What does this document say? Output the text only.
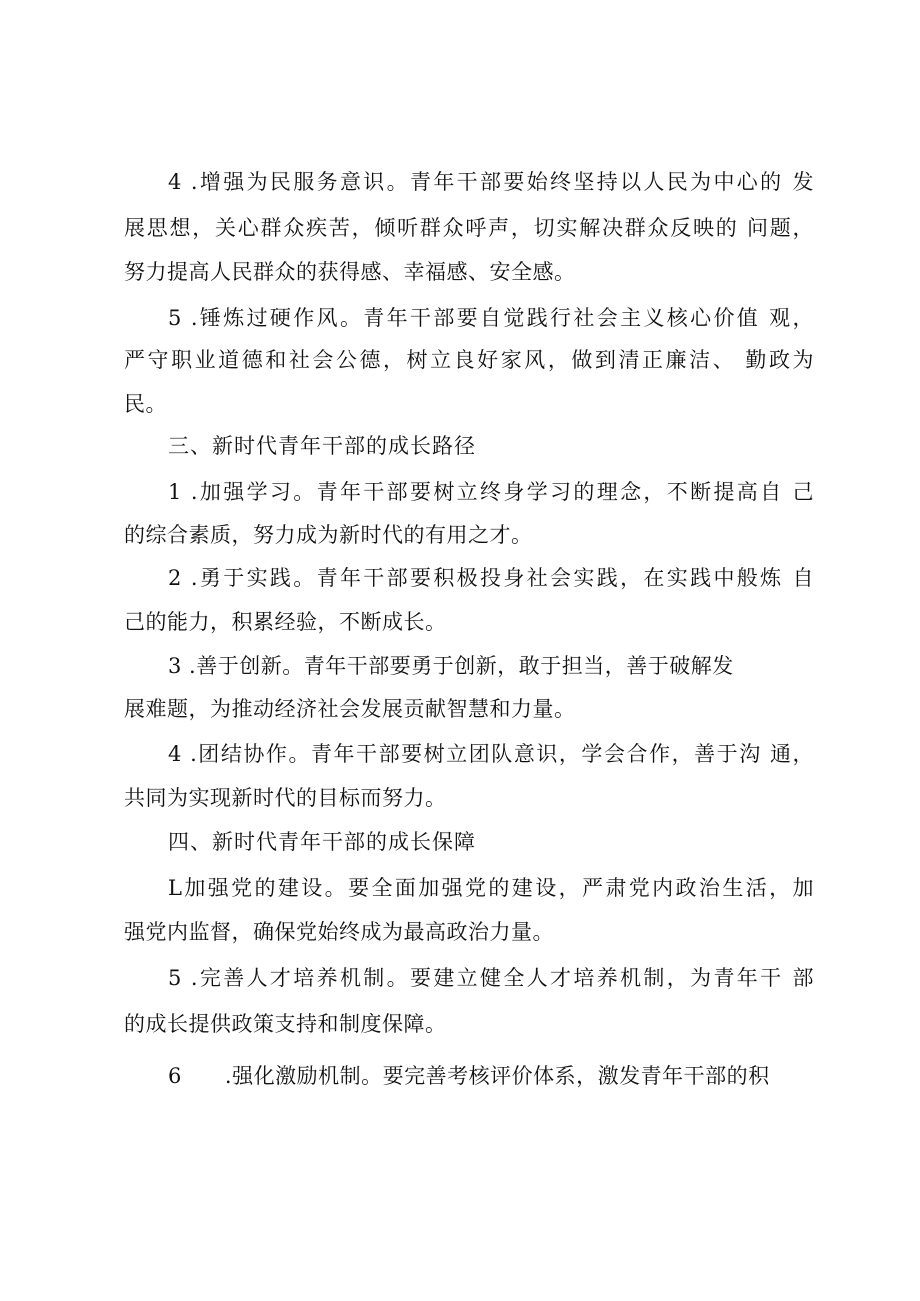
4 .增强为民服务意识。青年干部要始终坚持以人民为中心的 发
展思想，关心群众疾苦，倾听群众呼声，切实解决群众反映的 问题，
努力提高人民群众的获得感、幸福感、安全感。
5 .锤炼过硬作风。青年干部要自觉践行社会主义核心价值 观，
严守职业道德和社会公德，树立良好家风，做到清正廉洁、 勤政为
民。
三、新时代青年干部的成长路径
1 .加强学习。青年干部要树立终身学习的理念，不断提高自 己
的综合素质，努力成为新时代的有用之才。
2 .勇于实践。青年干部要积极投身社会实践，在实践中般炼 自
己的能力，积累经验，不断成长。
3 .善于创新。青年干部要勇于创新，敢于担当，善于破解发
展难题，为推动经济社会发展贡献智慧和力量。
4 .团结协作。青年干部要树立团队意识，学会合作，善于沟 通，
共同为实现新时代的目标而努力。
四、新时代青年干部的成长保障
L加强党的建设。要全面加强党的建设，严肃党内政治生活，加
强党内监督，确保党始终成为最高政治力量。
5 .完善人才培养机制。要建立健全人才培养机制，为青年干 部
的成长提供政策支持和制度保障。
6      .强化激励机制。要完善考核评价体系，激发青年干部的积
